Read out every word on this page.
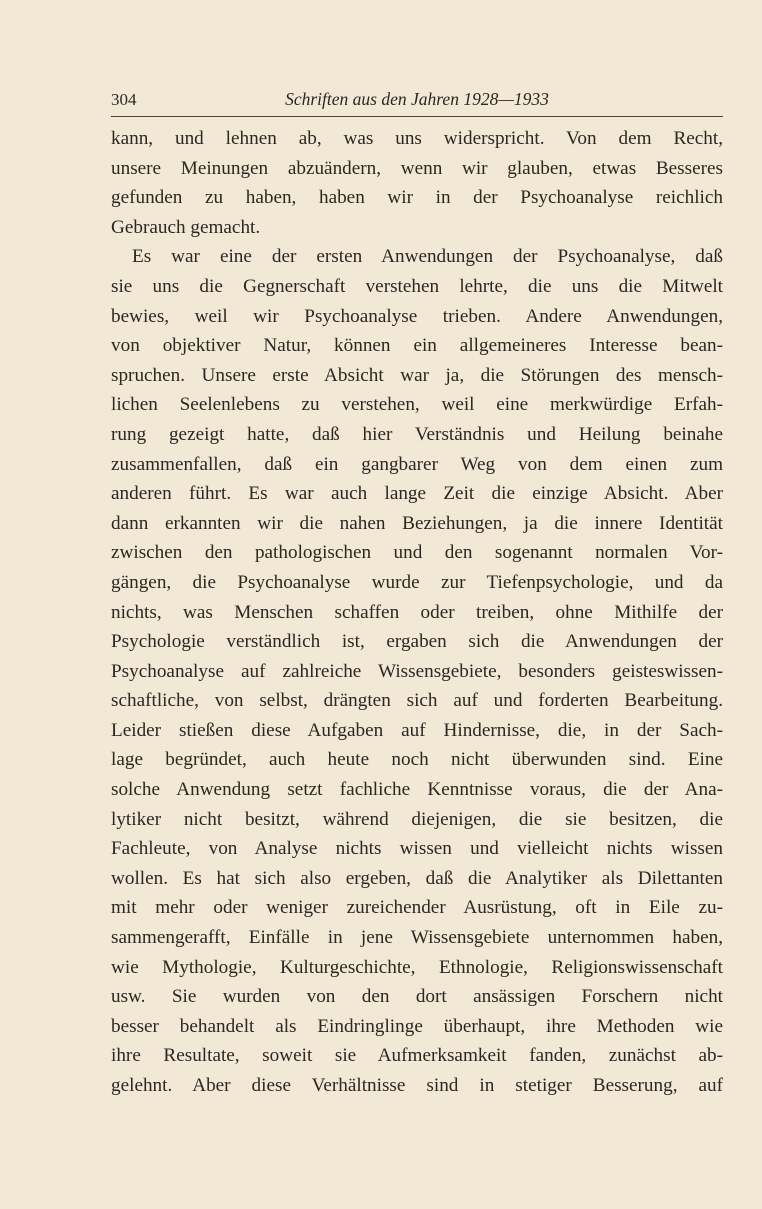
304	Schriften aus den Jahren 1928—1933
kann, und lehnen ab, was uns widerspricht. Von dem Recht,
unsere Meinungen abzuändern, wenn wir glauben, etwas Besseres
gefunden zu haben, haben wir in der Psychoanalyse reichlich
Gebrauch gemacht.
Es war eine der ersten Anwendungen der Psychoanalyse, daß
sie uns die Gegnerschaft verstehen lehrte, die uns die Mitwelt
bewies, weil wir Psychoanalyse trieben. Andere Anwendungen,
von objektiver Natur, können ein allgemeineres Interesse bean-
spruchen. Unsere erste Absicht war ja, die Störungen des mensch-
lichen Seelenlebens zu verstehen, weil eine merkwürdige Erfah-
rung gezeigt hatte, daß hier Verständnis und Heilung beinahe
zusammenfallen, daß ein gangbarer Weg von dem einen zum
anderen führt. Es war auch lange Zeit die einzige Absicht. Aber
dann erkannten wir die nahen Beziehungen, ja die innere Identität
zwischen den pathologischen und den sogenannt normalen Vor-
gängen, die Psychoanalyse wurde zur Tiefenpsychologie, und da
nichts, was Menschen schaffen oder treiben, ohne Mithilfe der
Psychologie verständlich ist, ergaben sich die Anwendungen der
Psychoanalyse auf zahlreiche Wissensgebiete, besonders geisteswissen-
schaftliche, von selbst, drängten sich auf und forderten Bearbeitung.
Leider stießen diese Aufgaben auf Hindernisse, die, in der Sach-
lage begründet, auch heute noch nicht überwunden sind. Eine
solche Anwendung setzt fachliche Kenntnisse voraus, die der Ana-
lytiker nicht besitzt, während diejenigen, die sie besitzen, die
Fachleute, von Analyse nichts wissen und vielleicht nichts wissen
wollen. Es hat sich also ergeben, daß die Analytiker als Dilettanten
mit mehr oder weniger zureichender Ausrüstung, oft in Eile zu-
sammengerafft, Einfälle in jene Wissensgebiete unternommen haben,
wie Mythologie, Kulturgeschichte, Ethnologie, Religionswissenschaft
usw. Sie wurden von den dort ansässigen Forschern nicht
besser behandelt als Eindringlinge überhaupt, ihre Methoden wie
ihre Resultate, soweit sie Aufmerksamkeit fanden, zunächst ab-
gelehnt. Aber diese Verhältnisse sind in stetiger Besserung, auf
